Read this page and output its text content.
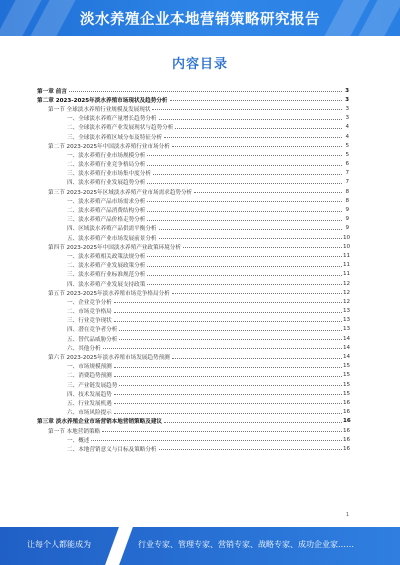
淡水养殖企业本地营销策略研究报告
内容目录
第一章 前言	3
第二章 2023-2025年淡水养殖市场现状及趋势分析	3
第一节 全球淡水养殖行业规模及发展现状	3
一、全球淡水养殖产量增长趋势分析	3
二、全球淡水养殖产业发展现状与趋势分析	4
三、全球淡水养殖区域分布及特征分析	4
第二节 2023-2025年中国淡水养殖行业市场分析	5
一、淡水养殖行业市场规模分析	5
二、淡水养殖行业竞争格局分析	6
三、淡水养殖行业市场集中度分析	7
四、淡水养殖行业发展趋势分析	7
第三节 2023-2025年区域淡水养殖产业市场需求趋势分析	8
一、淡水养殖产品市场需求分析	8
二、淡水养殖产品消费结构分析	9
三、淡水养殖产品价格走势分析	9
四、区域淡水养殖产品供需平衡分析	9
五、淡水养殖产业市场发展前景分析	10
第四节 2023-2025年中国淡水养殖产业政策环境分析	10
一、淡水养殖相关政策法规分析	11
二、淡水养殖产业发展政策分析	11
三、淡水养殖行业标准规范分析	11
四、淡水养殖产业发展支持政策	12
第五节 2023-2025年淡水养殖市场竞争格局分析	12
一、企业竞争分析	12
二、市场竞争格局	13
三、行业竞争现状	13
四、潜在竞争者分析	13
五、替代品威胁分析	14
六、其他分析	14
第六节 2023-2025年淡水养殖市场发展趋势预测	14
一、市场规模预测	15
二、消费趋势预测	15
三、产业链发展趋势	15
四、技术发展趋势	15
五、行业发展机遇	16
六、市场风险提示	16
第三章 淡水养殖企业市场营销本地营销策略及建议	16
第一节 本地营销策略	16
一、概述	16
二、本地营销意义与目标及策略分析	16
1
让每个人都能成为	行业专家、管理专家、营销专家、战略专家、成功企业家……
